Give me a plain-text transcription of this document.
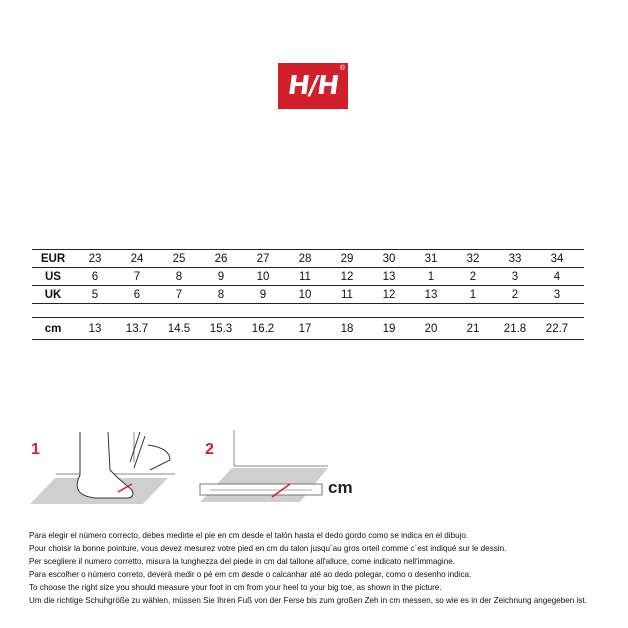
H/H
®
EUR	23	24	25	26	27	28	29	30	31	32	33	34
US	6	7	8	9	10	11	12	13	1	2	3	4
UK	5	6	7	8	9	10	11	12	13	1	2	3
cm	13	13.7	14.5	15.3	16.2	17	18	19	20	21	21.8	22.7
1	2
cm

Para elegir el número correcto, debes medirte el pie en cm desde el talón hasta el dedo gordo como se indica en el dibujo.

Pour choisir la bonne pointure, vous devez mesurez votre pied en cm du talon jusqu´au gros orteil comme c´est indiqué sur le dessin.

Per scegliere il numero corretto, misura la lunghezza del piede in cm dal tallone all'alluce, come indicato nell'immagine.

Para escolher o número correto, deverá medir o pé em cm desde o calcanhar até ao dedo polegar, como o desenho indica.

To choose the right size you should measure your foot in cm from your heel to your big toe, as shown in the picture.

Um die richtige Schuhgröße zu wählen, müssen Sie Ihren Fuß von der Ferse bis zum großen Zeh in cm messen, so wie es in der Zeichnung angegeben ist.
